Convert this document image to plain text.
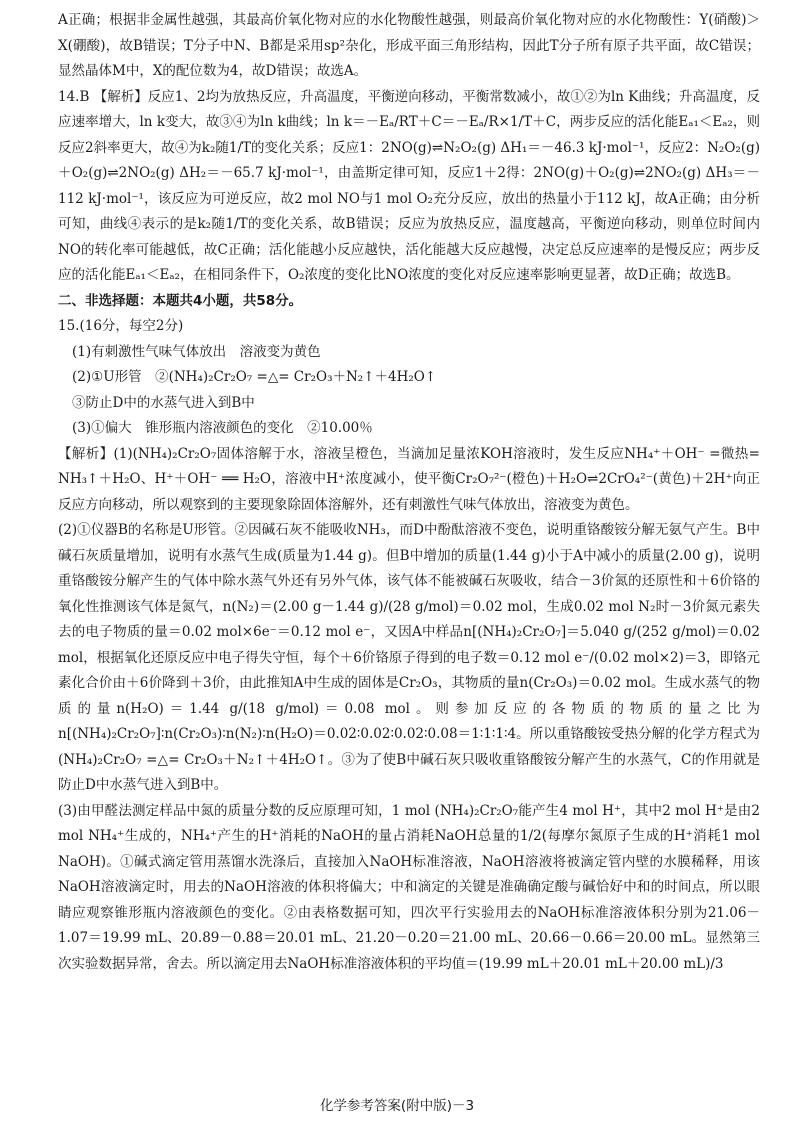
A正确；根据非金属性越强，其最高价氧化物对应的水化物酸性越强，则最高价氧化物对应的水化物酸性：Y(硝酸)＞X(硼酸)，故B错误；T分子中N、B都是采用sp²杂化，形成平面三角形结构，因此T分子所有原子共平面，故C错误；显然晶体M中，X的配位数为4，故D错误；故选A。

14.B 【解析】反应1、2均为放热反应，升高温度，平衡逆向移动，平衡常数减小，故①②为ln K曲线；升高温度，反应速率增大，ln k变大，故③④为ln k曲线；ln k＝－Eₐ/RT＋C＝－Eₐ/R×1/T＋C，两步反应的活化能Eₐ₁＜Eₐ₂，则反应2斜率更大，故④为k₂随1/T的变化关系；反应1：2NO(g)⇌N₂O₂(g) ΔH₁＝－46.3 kJ·mol⁻¹，反应2：N₂O₂(g)＋O₂(g)⇌2NO₂(g) ΔH₂＝－65.7 kJ·mol⁻¹，由盖斯定律可知，反应1＋2得：2NO(g)＋O₂(g)⇌2NO₂(g) ΔH₃＝－112 kJ·mol⁻¹，该反应为可逆反应，故2 mol NO与1 mol O₂充分反应，放出的热量小于112 kJ，故A正确；由分析可知，曲线④表示的是k₂随1/T的变化关系，故B错误；反应为放热反应，温度越高，平衡逆向移动，则单位时间内NO的转化率可能越低，故C正确；活化能越小反应越快，活化能越大反应越慢，决定总反应速率的是慢反应；两步反应的活化能Eₐ₁＜Eₐ₂，在相同条件下，O₂浓度的变化比NO浓度的变化对反应速率影响更显著，故D正确；故选B。

二、非选择题：本题共4小题，共58分。

15.(16分，每空2分)

(1)有刺激性气味气体放出　溶液变为黄色

(2)①U形管　②(NH₄)₂Cr₂O₇ =△= Cr₂O₃＋N₂↑＋4H₂O↑

③防止D中的水蒸气进入到B中

(3)①偏大　锥形瓶内溶液颜色的变化　②10.00％

【解析】(1)(NH₄)₂Cr₂O₇固体溶解于水，溶液呈橙色，当滴加足量浓KOH溶液时，发生反应NH₄⁺＋OH⁻ =微热= NH₃↑＋H₂O、H⁺＋OH⁻ ══ H₂O，溶液中H⁺浓度减小，使平衡Cr₂O₇²⁻(橙色)＋H₂O⇌2CrO₄²⁻(黄色)＋2H⁺向正反应方向移动，所以观察到的主要现象除固体溶解外，还有刺激性气味气体放出，溶液变为黄色。

(2)①仪器B的名称是U形管。②因碱石灰不能吸收NH₃，而D中酚酞溶液不变色，说明重铬酸铵分解无氨气产生。B中碱石灰质量增加，说明有水蒸气生成(质量为1.44 g)。但B中增加的质量(1.44 g)小于A中减小的质量(2.00 g)，说明重铬酸铵分解产生的气体中除水蒸气外还有另外气体，该气体不能被碱石灰吸收，结合－3价氮的还原性和＋6价铬的氧化性推测该气体是氮气，n(N₂)＝(2.00 g－1.44 g)/(28 g/mol)＝0.02 mol，生成0.02 mol N₂时－3价氮元素失去的电子物质的量＝0.02 mol×6e⁻＝0.12 mol e⁻，又因A中样品n[(NH₄)₂Cr₂O₇]＝5.040 g/(252 g/mol)＝0.02 mol，根据氧化还原反应中电子得失守恒，每个＋6价铬原子得到的电子数＝0.12 mol e⁻/(0.02 mol×2)＝3，即铬元素化合价由＋6价降到＋3价，由此推知A中生成的固体是Cr₂O₃，其物质的量n(Cr₂O₃)＝0.02 mol。生成水蒸气的物质的量n(H₂O)＝1.44 g/(18 g/mol)＝0.08 mol。则参加反应的各物质的物质的量之比为n[(NH₄)₂Cr₂O₇]∶n(Cr₂O₃)∶n(N₂)∶n(H₂O)＝0.02∶0.02∶0.02∶0.08＝1∶1∶1∶4。所以重铬酸铵受热分解的化学方程式为(NH₄)₂Cr₂O₇ =△= Cr₂O₃＋N₂↑＋4H₂O↑。③为了使B中碱石灰只吸收重铬酸铵分解产生的水蒸气，C的作用就是防止D中水蒸气进入到B中。

(3)由甲醛法测定样品中氮的质量分数的反应原理可知，1 mol (NH₄)₂Cr₂O₇能产生4 mol H⁺，其中2 mol H⁺是由2 mol NH₄⁺生成的，NH₄⁺产生的H⁺消耗的NaOH的量占消耗NaOH总量的1/2(每摩尔氮原子生成的H⁺消耗1 mol NaOH)。①碱式滴定管用蒸馏水洗涤后，直接加入NaOH标准溶液，NaOH溶液将被滴定管内壁的水膜稀释，用该NaOH溶液滴定时，用去的NaOH溶液的体积将偏大；中和滴定的关键是准确确定酸与碱恰好中和的时间点，所以眼睛应观察锥形瓶内溶液颜色的变化。②由表格数据可知，四次平行实验用去的NaOH标准溶液体积分别为21.06－1.07＝19.99 mL、20.89－0.88＝20.01 mL、21.20－0.20＝21.00 mL、20.66－0.66＝20.00 mL。显然第三次实验数据异常，舍去。所以滴定用去NaOH标准溶液体积的平均值＝(19.99 mL＋20.01 mL＋20.00 mL)/3

化学参考答案(附中版)－3
